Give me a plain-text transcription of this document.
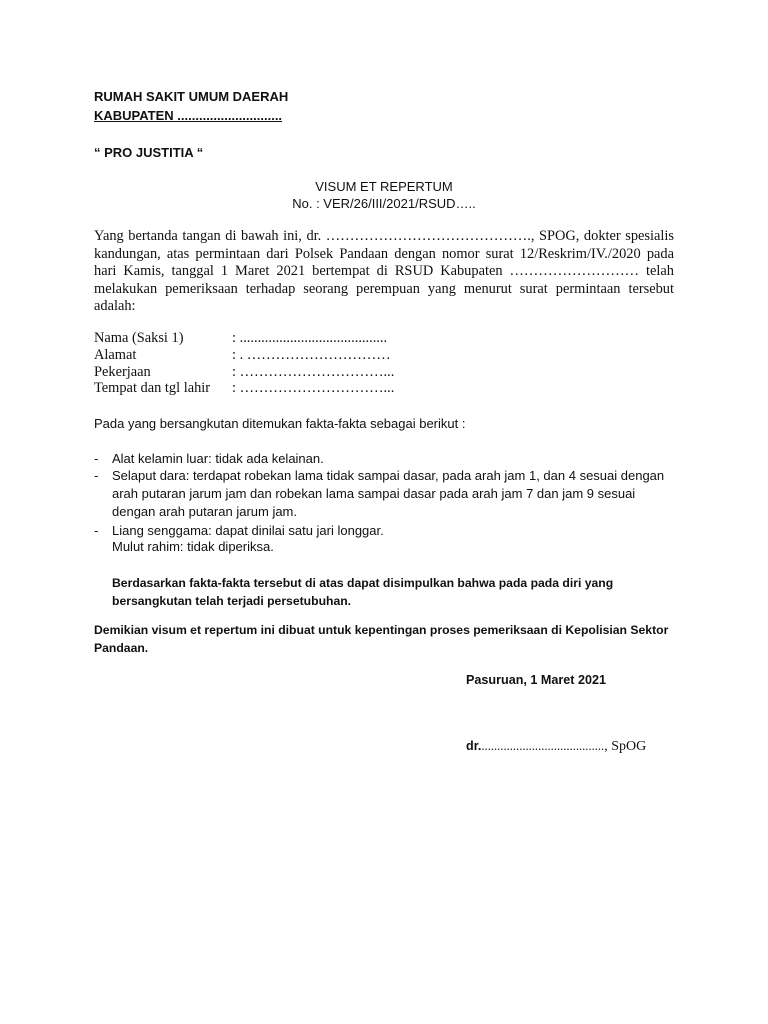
RUMAH SAKIT UMUM DAERAH
KABUPATEN .............................
“ PRO JUSTITIA “
VISUM ET REPERTUM
No. : VER/26/III/2021/RSUD…..

Yang bertanda tangan di bawah ini, dr. ……………………………………., SPOG, dokter spesialis kandungan, atas permintaan dari Polsek Pandaan dengan nomor surat 12/Reskrim/IV./2020 pada hari Kamis, tanggal 1 Maret 2021 bertempat di RSUD Kabupaten ……………………… telah melakukan pemeriksaan terhadap seorang perempuan yang menurut surat permintaan tersebut adalah:

Nama (Saksi 1)	: .........................................
Alamat	: . …………………………
Pekerjaan	: …………………………...
Tempat dan tgl lahir : …………………………...
Pada yang bersangkutan ditemukan fakta-fakta sebagai berikut :
- Alat kelamin luar: tidak ada kelainan.
- Selaput dara: terdapat robekan lama tidak sampai dasar, pada arah jam 1, dan 4 sesuai dengan arah putaran jarum jam dan robekan lama sampai dasar pada arah jam 7 dan jam 9 sesuai dengan arah putaran jarum jam.
- Liang senggama: dapat dinilai satu jari longgar.
Mulut rahim: tidak diperiksa.

Berdasarkan fakta-fakta tersebut di atas dapat disimpulkan bahwa pada pada diri yang bersangkutan telah terjadi persetubuhan.

Demikian visum et repertum ini dibuat untuk kepentingan proses pemeriksaan di Kepolisian Sektor Pandaan.

Pasuruan, 1 Maret 2021
dr........................................, SpOG
